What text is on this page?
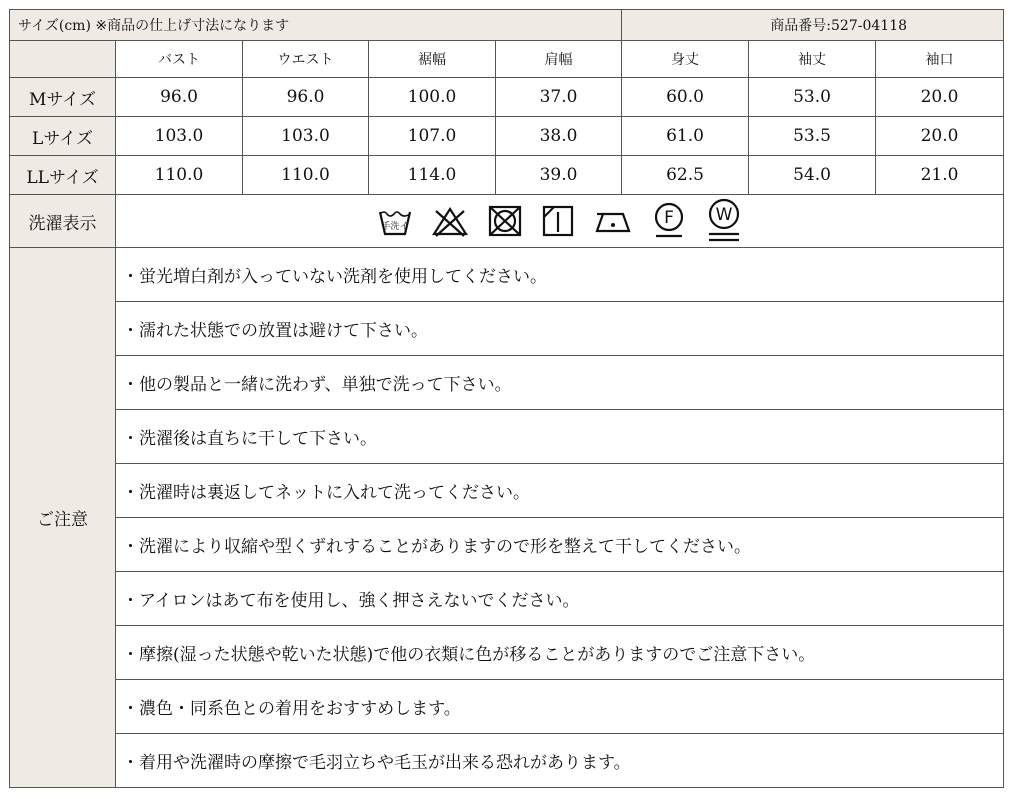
サイズ(cm) ※商品の仕上げ寸法になります					商品番号:527-04118		
	バスト	ウエスト	裾幅	肩幅	身丈	袖丈	袖口
Mサイズ	96.0	96.0	100.0	37.0	60.0	53.0	20.0
Lサイズ	103.0	103.0	107.0	38.0	61.0	53.5	20.0
LLサイズ	110.0	110.0	114.0	39.0	62.5	54.0	21.0
洗濯表示	手洗イ F W						

ご注意	・蛍光増白剤が入っていない洗剤を使用してください。						
	・濡れた状態での放置は避けて下さい。						
	・他の製品と一緒に洗わず、単独で洗って下さい。						
	・洗濯後は直ちに干して下さい。						
	・洗濯時は裏返してネットに入れて洗ってください。						
	・洗濯により収縮や型くずれすることがありますので形を整えて干してください。						
	・アイロンはあて布を使用し、強く押さえないでください。						
	・摩擦(湿った状態や乾いた状態)で他の衣類に色が移ることがありますのでご注意下さい。						
	・濃色・同系色との着用をおすすめします。						
	・着用や洗濯時の摩擦で毛羽立ちや毛玉が出来る恐れがあります。						
